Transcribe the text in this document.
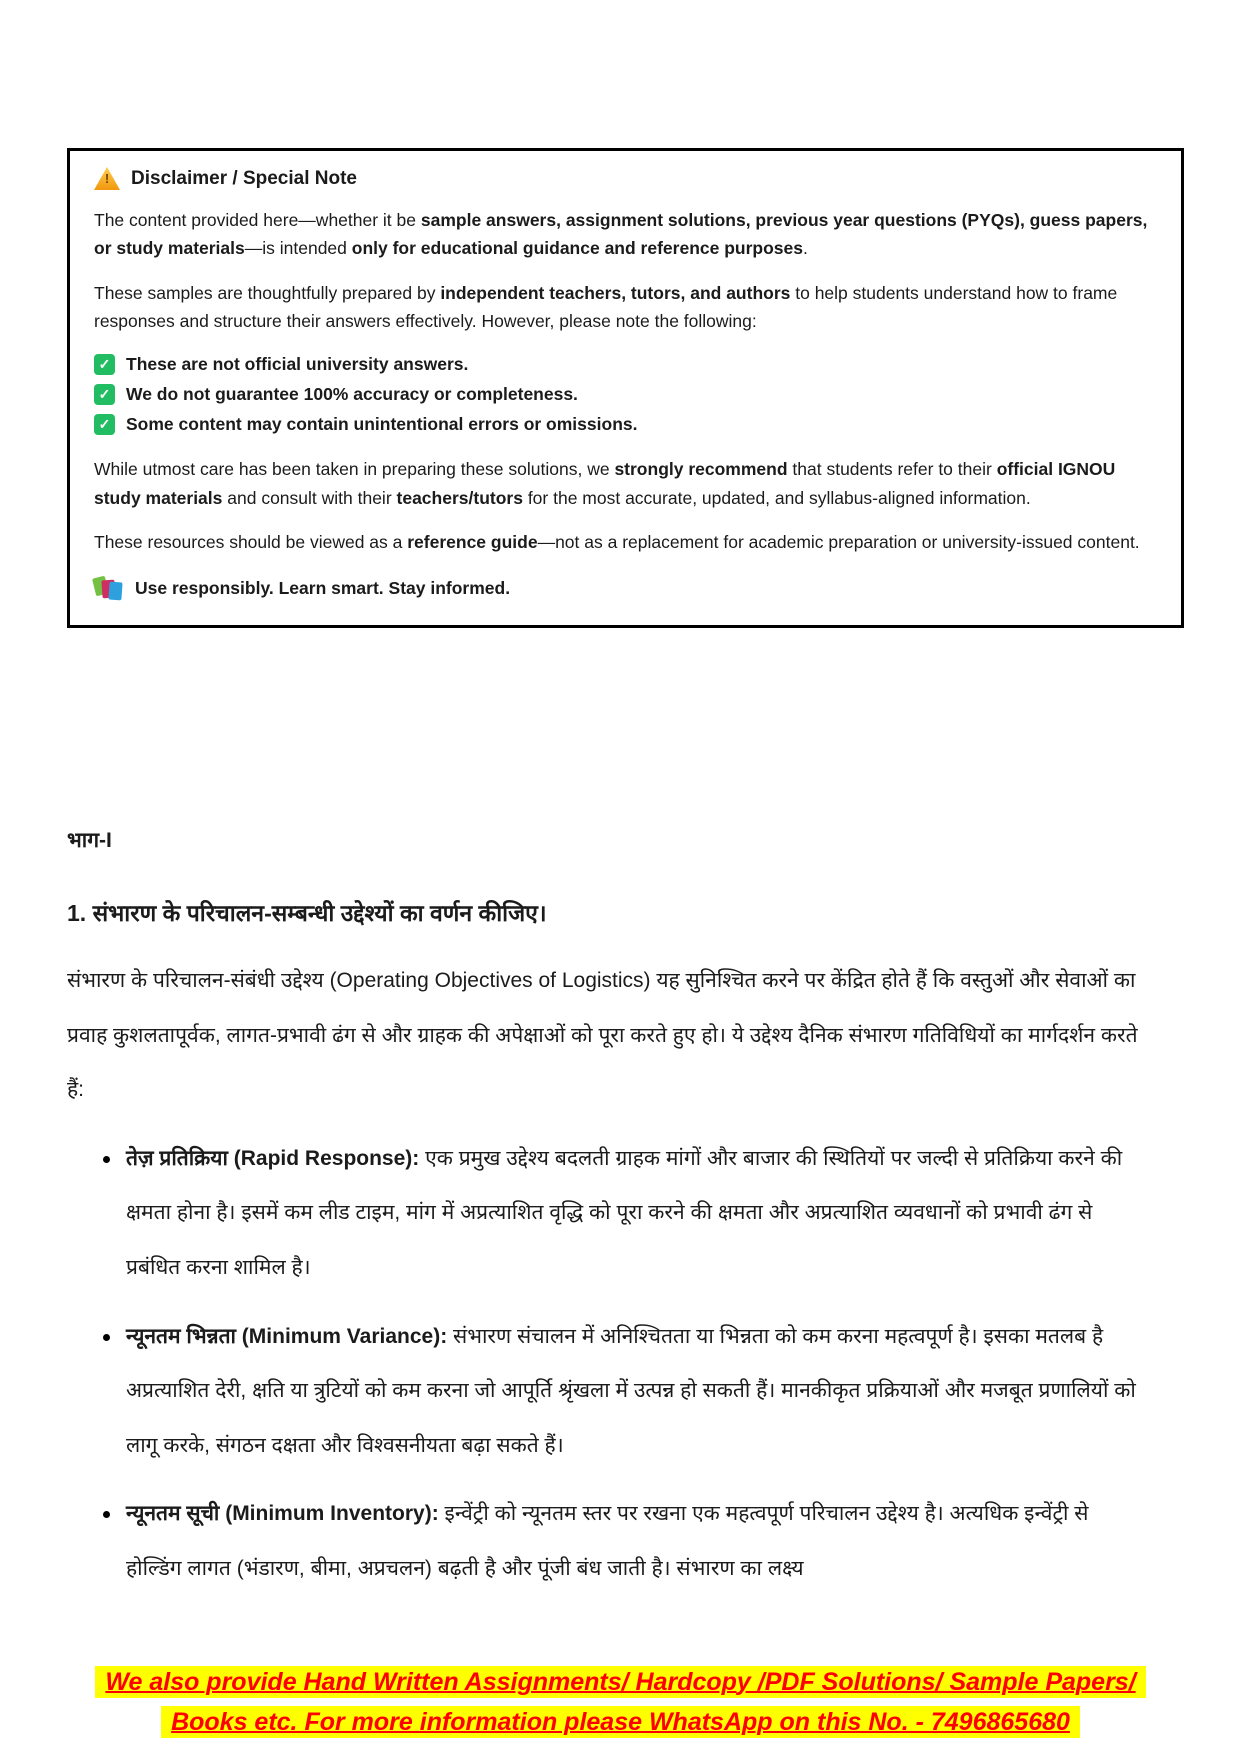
!	Disclaimer / Special Note
The content provided here—whether it be sample answers, assignment solutions, previous year questions (PYQs), guess papers, or study materials—is intended only for educational guidance and reference purposes.
These samples are thoughtfully prepared by independent teachers, tutors, and authors to help students understand how to frame responses and structure their answers effectively. However, please note the following:
✓ These are not official university answers.
✓ We do not guarantee 100% accuracy or completeness.
✓ Some content may contain unintentional errors or omissions.
While utmost care has been taken in preparing these solutions, we strongly recommend that students refer to their official IGNOU study materials and consult with their teachers/tutors for the most accurate, updated, and syllabus-aligned information.
These resources should be viewed as a reference guide—not as a replacement for academic preparation or university-issued content.
Use responsibly. Learn smart. Stay informed.
भाग-I
1. संभारण के परिचालन-सम्बन्धी उद्देश्यों का वर्णन कीजिए।
संभारण के परिचालन-संबंधी उद्देश्य (Operating Objectives of Logistics) यह सुनिश्चित करने पर केंद्रित होते हैं कि वस्तुओं और सेवाओं का प्रवाह कुशलतापूर्वक, लागत-प्रभावी ढंग से और ग्राहक की अपेक्षाओं को पूरा करते हुए हो। ये उद्देश्य दैनिक संभारण गतिविधियों का मार्गदर्शन करते हैं:
तेज़ प्रतिक्रिया (Rapid Response): एक प्रमुख उद्देश्य बदलती ग्राहक मांगों और बाजार की स्थितियों पर जल्दी से प्रतिक्रिया करने की क्षमता होना है। इसमें कम लीड टाइम, मांग में अप्रत्याशित वृद्धि को पूरा करने की क्षमता और अप्रत्याशित व्यवधानों को प्रभावी ढंग से प्रबंधित करना शामिल है।
न्यूनतम भिन्नता (Minimum Variance): संभारण संचालन में अनिश्चितता या भिन्नता को कम करना महत्वपूर्ण है। इसका मतलब है अप्रत्याशित देरी, क्षति या त्रुटियों को कम करना जो आपूर्ति श्रृंखला में उत्पन्न हो सकती हैं। मानकीकृत प्रक्रियाओं और मजबूत प्रणालियों को लागू करके, संगठन दक्षता और विश्वसनीयता बढ़ा सकते हैं।
न्यूनतम सूची (Minimum Inventory): इन्वेंट्री को न्यूनतम स्तर पर रखना एक महत्वपूर्ण परिचालन उद्देश्य है। अत्यधिक इन्वेंट्री से होल्डिंग लागत (भंडारण, बीमा, अप्रचलन) बढ़ती है और पूंजी बंध जाती है। संभारण का लक्ष्य
We also provide Hand Written Assignments/ Hardcopy /PDF Solutions/ Sample Papers/
Books etc. For more information please WhatsApp on this No. - 7496865680
